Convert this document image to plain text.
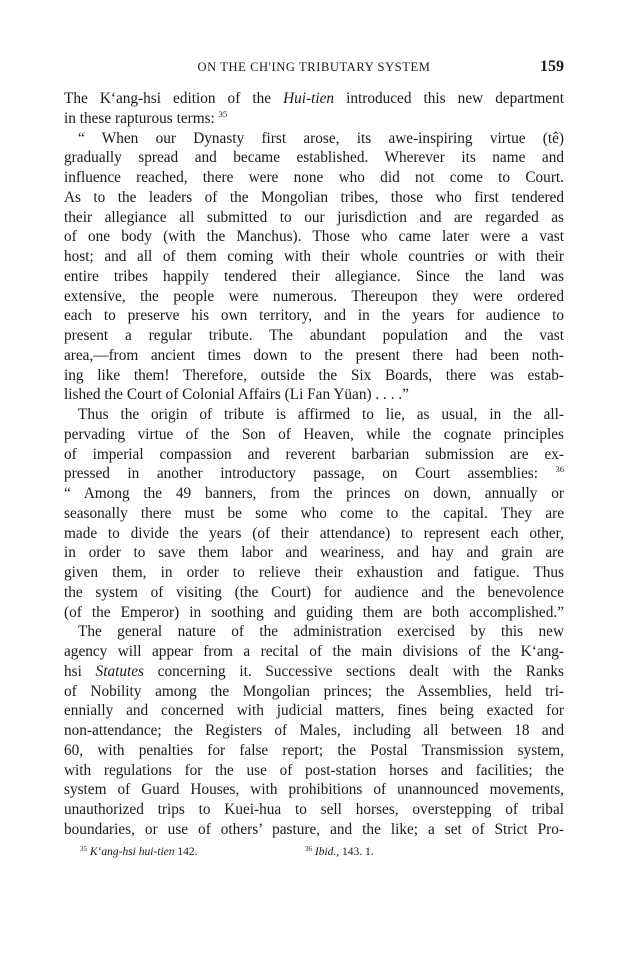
ON THE CH'ING TRIBUTARY SYSTEM	159
The K‘ang-hsi edition of the Hui-tien introduced this new department
in these rapturous terms: $^{35}$
“ When our Dynasty first arose, its awe-inspiring virtue (tê)
gradually spread and became established. Wherever its name and
influence reached, there were none who did not come to Court.
As to the leaders of the Mongolian tribes, those who first tendered
their allegiance all submitted to our jurisdiction and are regarded as
of one body (with the Manchus). Those who came later were a vast
host; and all of them coming with their whole countries or with their
entire tribes happily tendered their allegiance. Since the land was
extensive, the people were numerous. Thereupon they were ordered
each to preserve his own territory, and in the years for audience to
present a regular tribute. The abundant population and the vast
area,—from ancient times down to the present there had been noth-
ing like them! Therefore, outside the Six Boards, there was estab-
lished the Court of Colonial Affairs (Li Fan Yüan) . . . .”
Thus the origin of tribute is affirmed to lie, as usual, in the all-
pervading virtue of the Son of Heaven, while the cognate principles
of imperial compassion and reverent barbarian submission are ex-
pressed in another introductory passage, on Court assemblies: $^{36}$
“ Among the 49 banners, from the princes on down, annually or
seasonally there must be some who come to the capital. They are
made to divide the years (of their attendance) to represent each other,
in order to save them labor and weariness, and hay and grain are
given them, in order to relieve their exhaustion and fatigue. Thus
the system of visiting (the Court) for audience and the benevolence
(of the Emperor) in soothing and guiding them are both accomplished.”
The general nature of the administration exercised by this new
agency will appear from a recital of the main divisions of the K‘ang-
hsi Statutes concerning it. Successive sections dealt with the Ranks
of Nobility among the Mongolian princes; the Assemblies, held tri-
ennially and concerned with judicial matters, fines being exacted for
non-attendance; the Registers of Males, including all between 18 and
60, with penalties for false report; the Postal Transmission system,
with regulations for the use of post-station horses and facilities; the
system of Guard Houses, with prohibitions of unannounced movements,
unauthorized trips to Kuei-hua to sell horses, overstepping of tribal
boundaries, or use of others’ pasture, and the like; a set of Strict Pro-
$^{35}$ K‘ang-hsi hui-tien 142.	$^{36}$ Ibid., 143. 1.
